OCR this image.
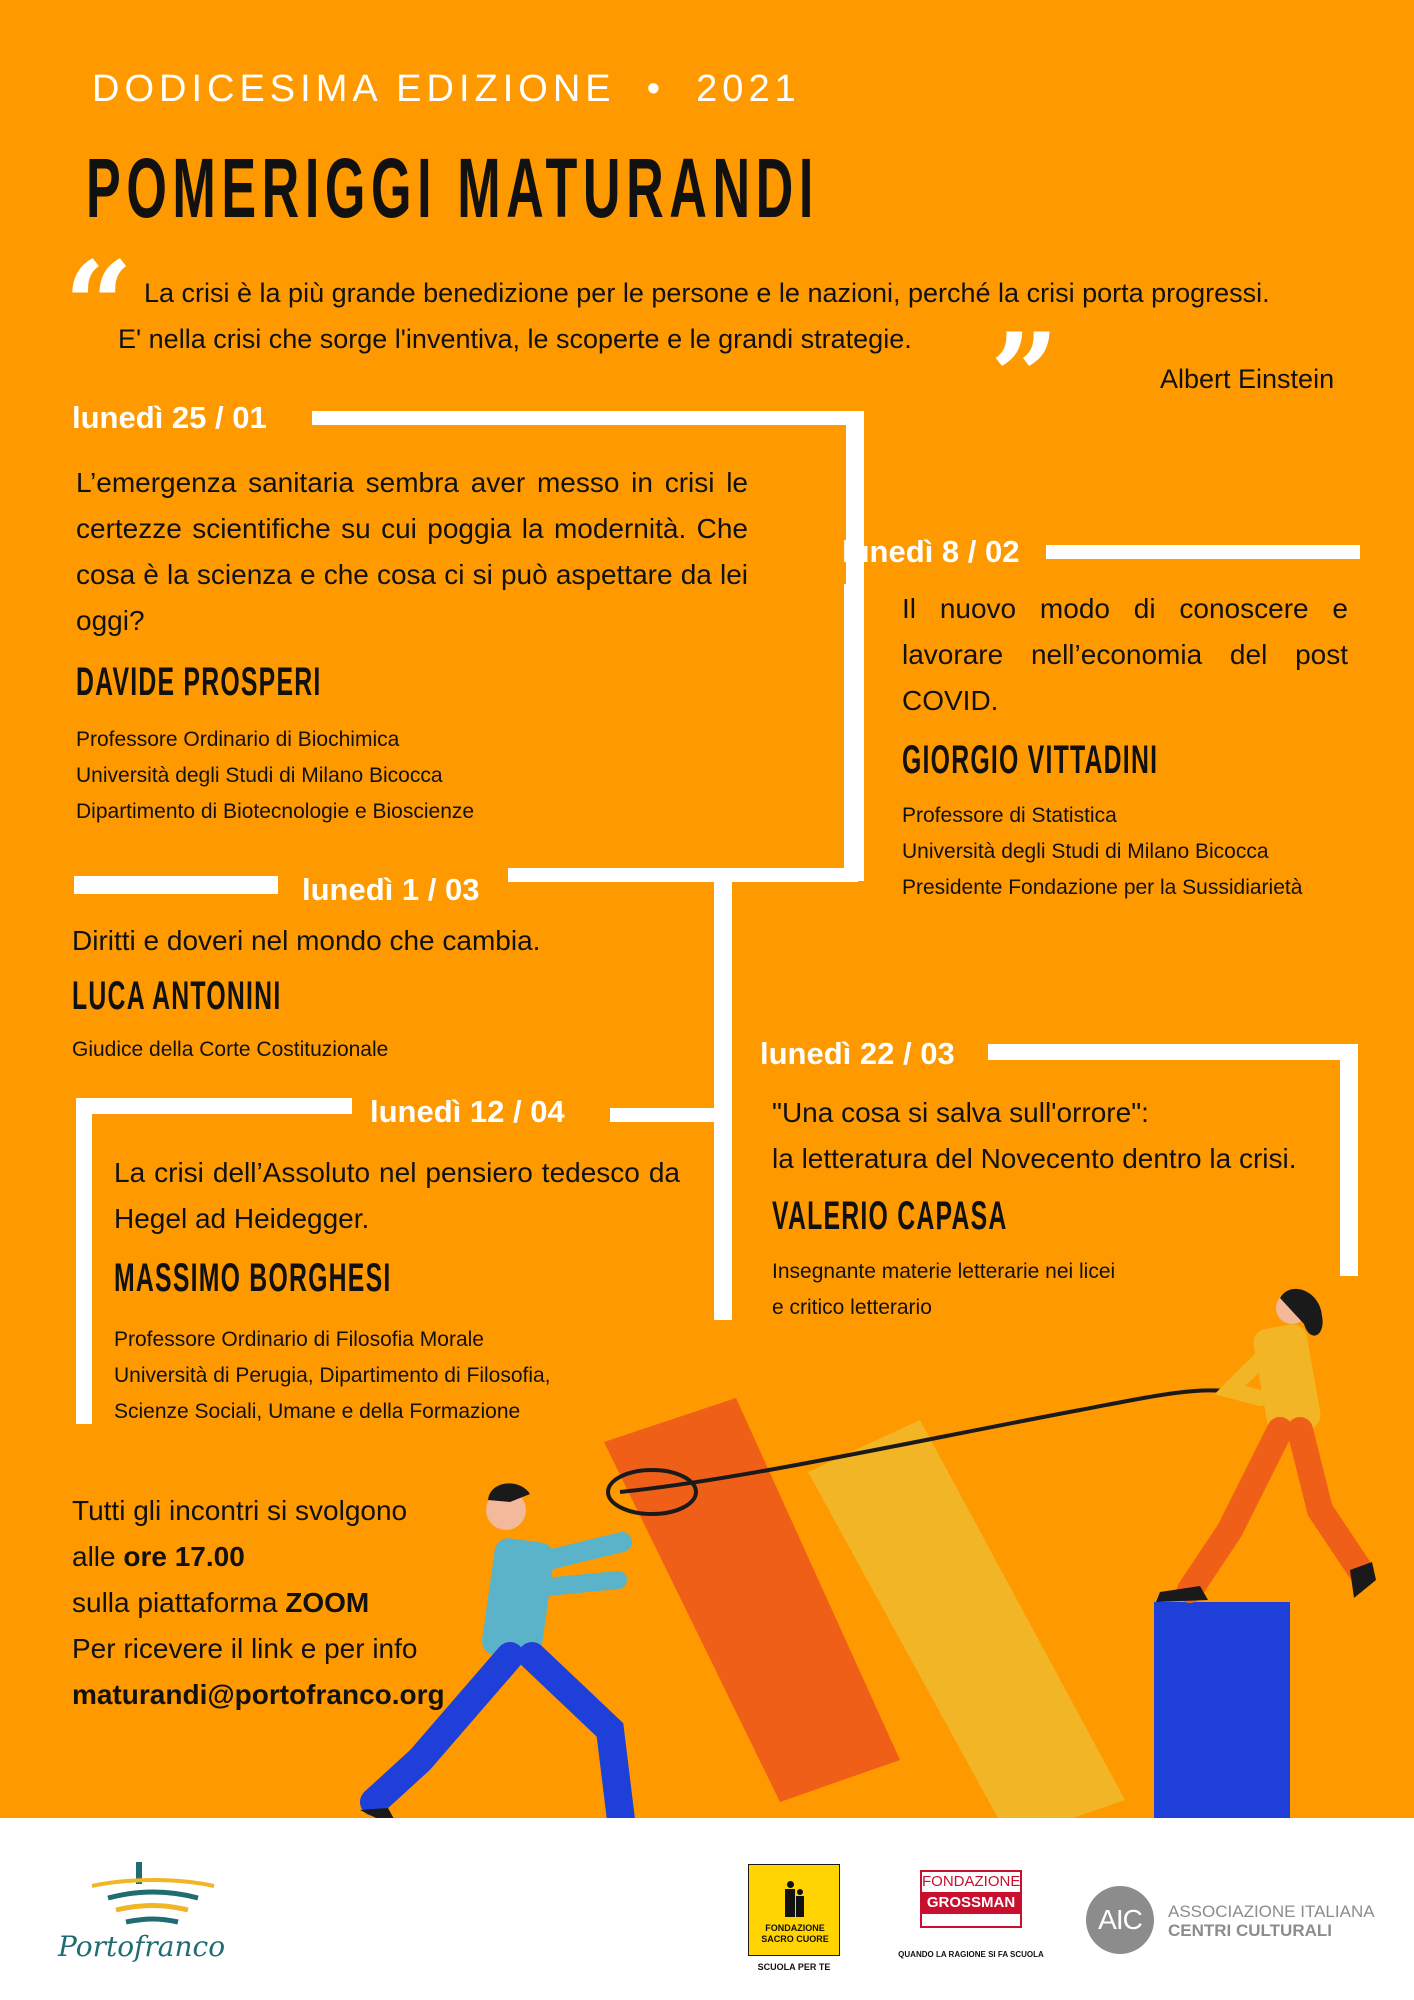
DODICESIMA EDIZIONE  •  2021
POMERIGGI MATURANDI
“ La crisi è la più grande benedizione per le persone e le nazioni, perché la crisi porta progressi.
E' nella crisi che sorge l'inventiva, le scoperte e le grandi strategie. ”	Albert Einstein
lunedì 25 / 01
L’emergenza sanitaria sembra aver messo in crisi le certezze scientifiche su cui poggia la modernità. Che cosa è la scienza e che cosa ci si può aspettare da lei oggi?
DAVIDE PROSPERI
Professore Ordinario di Biochimica
Università degli Studi di Milano Bicocca
Dipartimento di Biotecnologie e Bioscienze
lunedì 8 / 02
Il nuovo modo di conoscere e lavorare nell’economia del post COVID.
GIORGIO VITTADINI
Professore di Statistica
Università degli Studi di Milano Bicocca
Presidente Fondazione per la Sussidiarietà
lunedì 1 / 03
Diritti e doveri nel mondo che cambia.
LUCA ANTONINI
Giudice della Corte Costituzionale	lunedì 22 / 03
"Una cosa si salva sull'orrore":
la letteratura del Novecento dentro la crisi.
VALERIO CAPASA
Insegnante materie letterarie nei licei
e critico letterario
lunedì 12 / 04
La crisi dell’Assoluto nel pensiero tedesco da Hegel ad Heidegger.
MASSIMO BORGHESI
Professore Ordinario di Filosofia Morale
Università di Perugia, Dipartimento di Filosofia,
Scienze Sociali, Umane e della Formazione
Tutti gli incontri si svolgono
alle ore 17.00
sulla piattaforma ZOOM
Per ricevere il link e per info
maturandi@portofranco.org
Portofranco
FONDAZIONE SACRO CUORE
SCUOLA PER TE
FONDAZIONE
GROSSMAN
QUANDO LA RAGIONE SI FA SCUOLA
AIC	ASSOCIAZIONE ITALIANA
CENTRI CULTURALI
